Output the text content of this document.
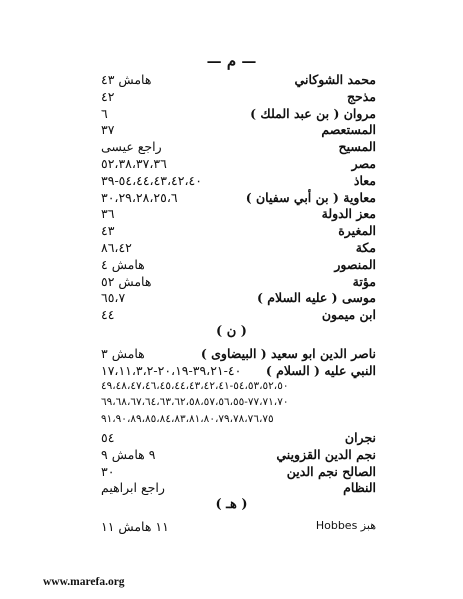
— م —
محمد الشوكاني
هامش ٤٣
مذحج
٤٢
مروان ( بن عبد الملك )
٦
المستعصم
٣٧
المسيح
راجع عيسى
مصر
٥٢،٣٨،٣٧،٣٦
معاذ
٥٤،٤٤،٤٣،٤٢،٤٠-٣٩
معاوية ( بن أبي سفيان )
٣٠،٢٩،٢٨،٢٥،٦
معز الدولة
٣٦
المغيرة
٤٣
مكة
٨٦،٤٢
المنصور
هامش ٤
مؤتة
هامش ٥٢
موسى ( عليه السلام )
٦٥،٧
ابن ميمون
٤٤
( ن )
ناصر الدين ابو سعيد ( البيضاوى )
هامش ٣
النبي عليه ( السلام )
٤٠-٣٩،٢١-٢٠،١٩-١٧،١١،٣،٢
٥٤،٥٣،٥٢،٥٠-٤٩،٤٨،٤٧،٤٦،٤٥،٤٤،٤٣،٤٢،٤١
٧٧،٧١،٧٠-٦٩،٦٨،٦٧،٦٤،٦٣،٦٢،٥٨،٥٧،٥٦،٥٥
٩١،٩٠،٨٩،٨٥،٨٤،٨٣،٨١،٨٠،٧٩،٧٨،٧٦،٧٥
نجران
٥٤
نجم الدين القزويني
٩ هامش ٩
الصالح نجم الدين
٣٠
النظام
راجع ابراهيم
( هـ )
هبز Hobbes
١١ هامش ١١
www.marefa.org
